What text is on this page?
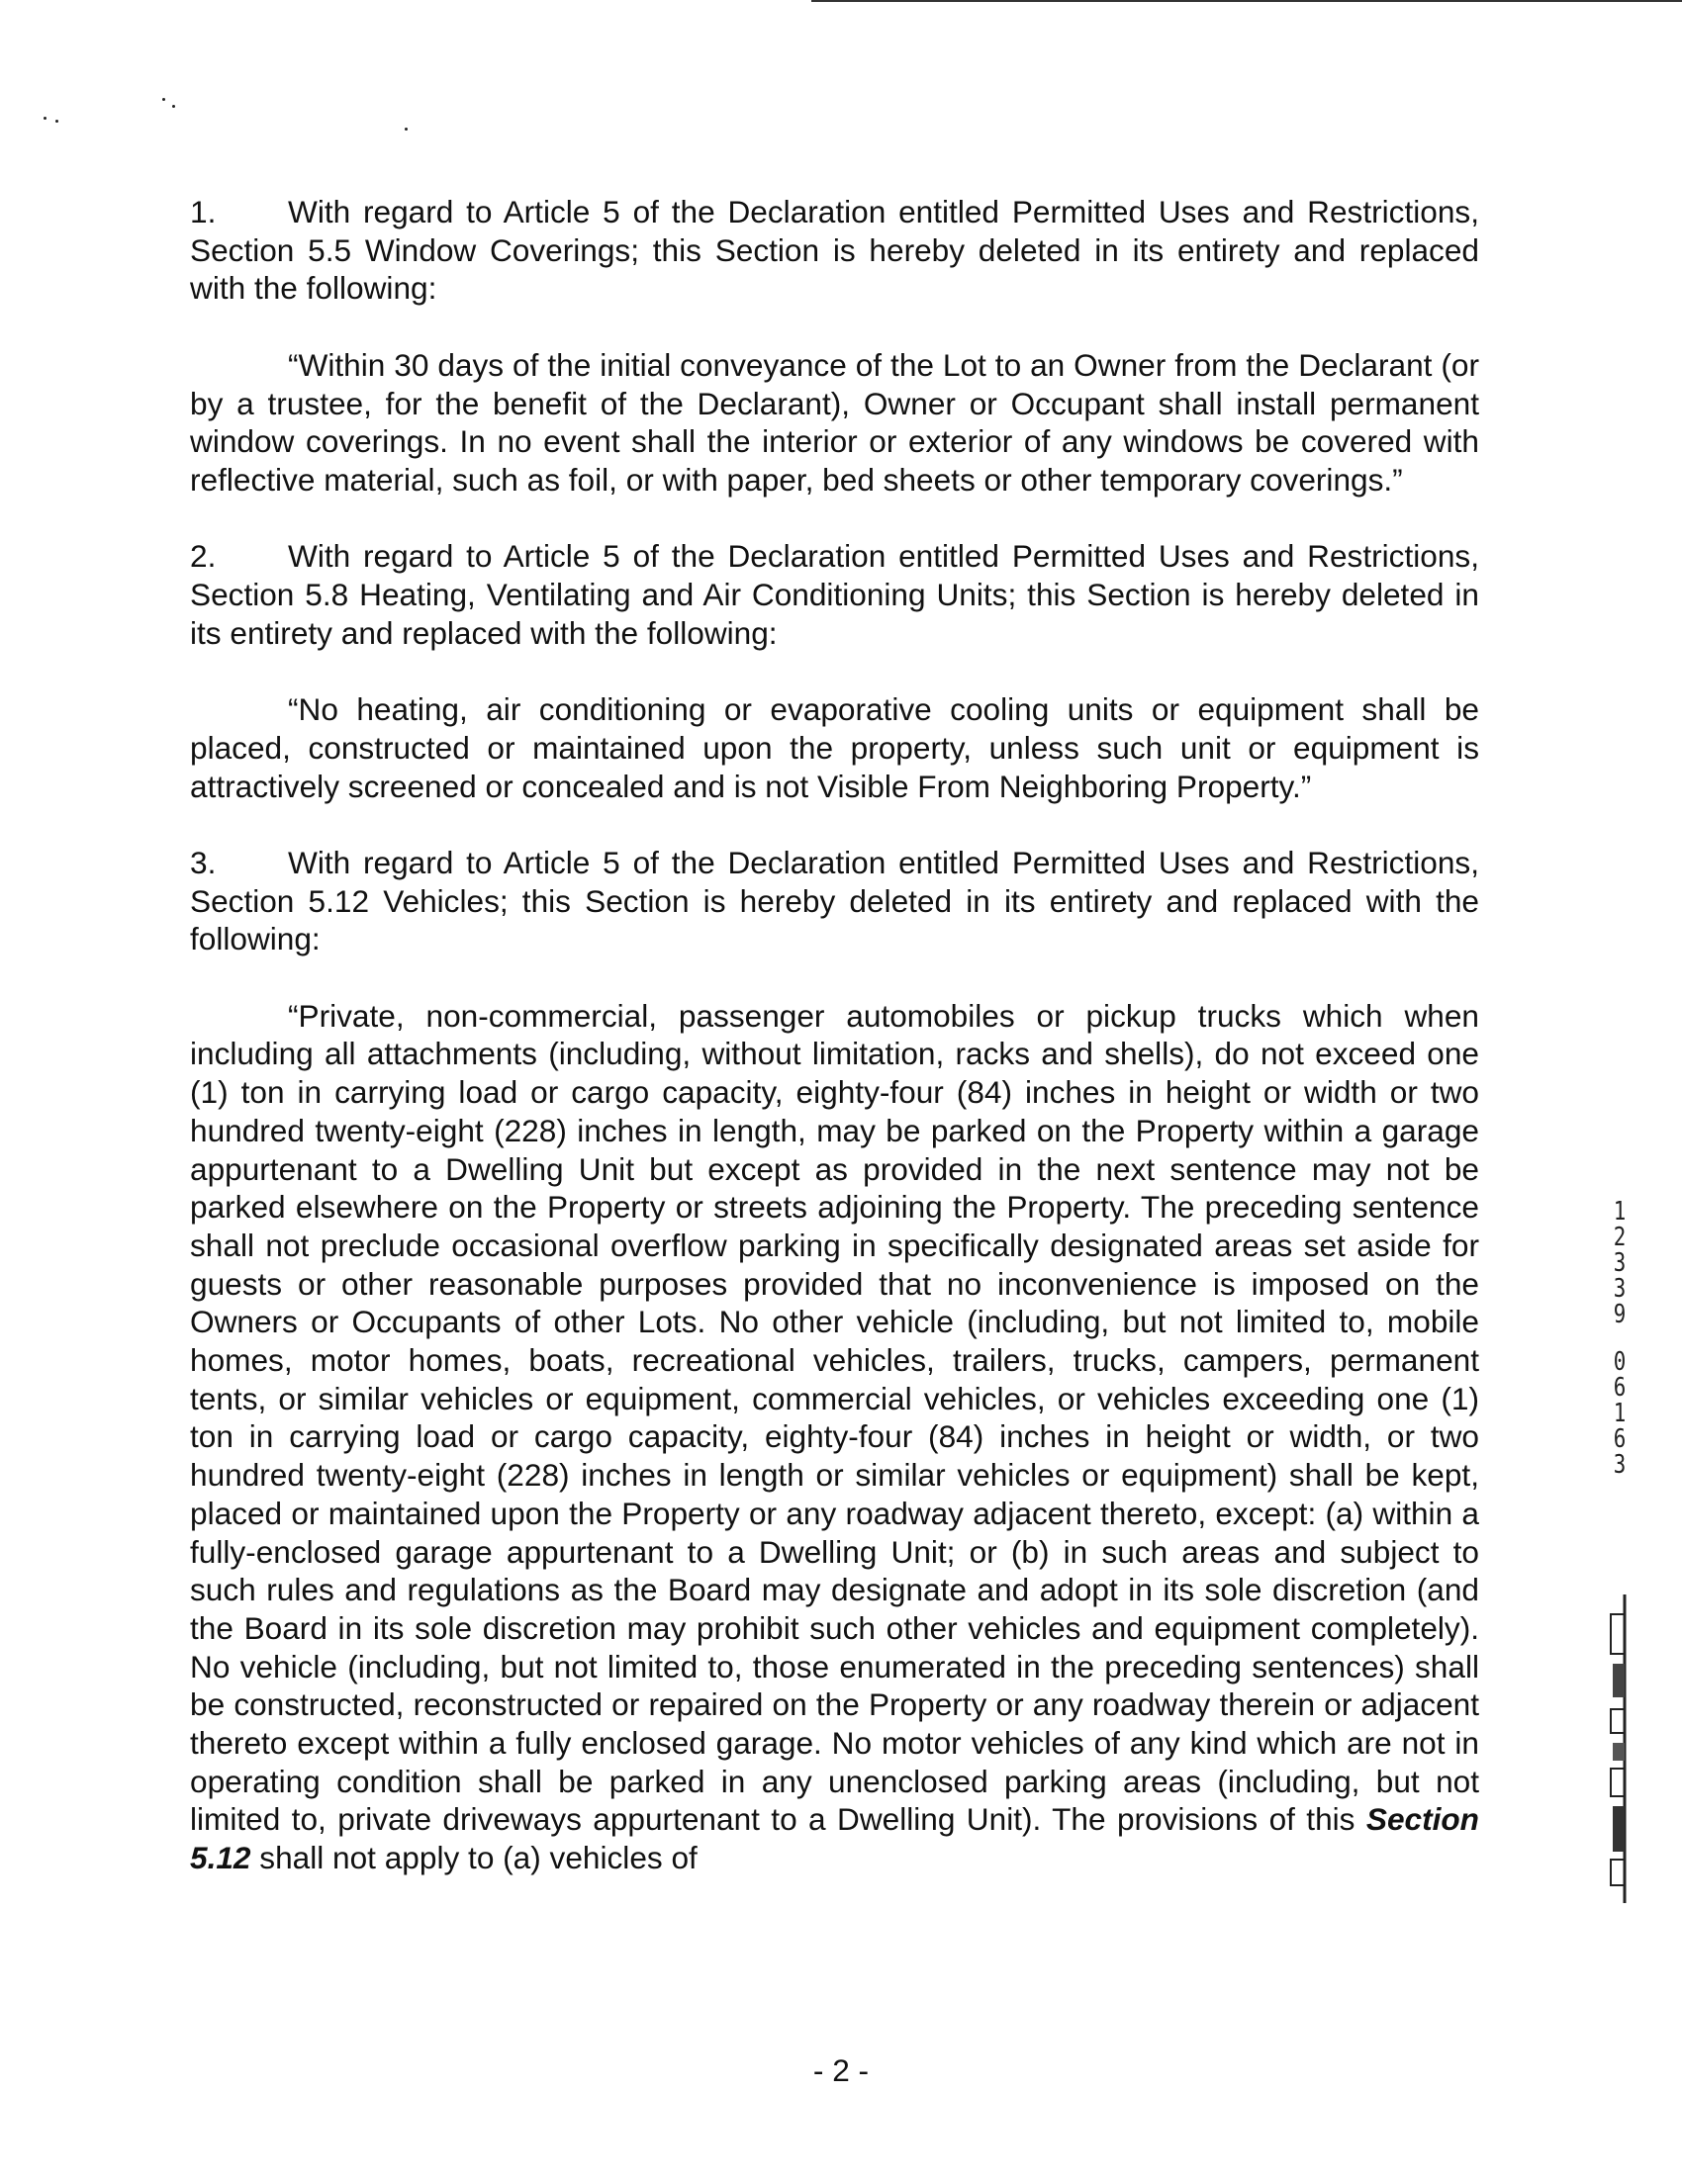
1. With regard to Article 5 of the Declaration entitled Permitted Uses and Restrictions, Section 5.5 Window Coverings; this Section is hereby deleted in its entirety and replaced with the following:

“Within 30 days of the initial conveyance of the Lot to an Owner from the Declarant (or by a trustee, for the benefit of the Declarant), Owner or Occupant shall install permanent window coverings. In no event shall the interior or exterior of any windows be covered with reflective material, such as foil, or with paper, bed sheets or other temporary coverings.”

2. With regard to Article 5 of the Declaration entitled Permitted Uses and Restrictions, Section 5.8 Heating, Ventilating and Air Conditioning Units; this Section is hereby deleted in its entirety and replaced with the following:

“No heating, air conditioning or evaporative cooling units or equipment shall be placed, constructed or maintained upon the property, unless such unit or equipment is attractively screened or concealed and is not Visible From Neighboring Property.”

3. With regard to Article 5 of the Declaration entitled Permitted Uses and Restrictions, Section 5.12 Vehicles; this Section is hereby deleted in its entirety and replaced with the following:

“Private, non-commercial, passenger automobiles or pickup trucks which when including all attachments (including, without limitation, racks and shells), do not exceed one (1) ton in carrying load or cargo capacity, eighty-four (84) inches in height or width or two hundred twenty-eight (228) inches in length, may be parked on the Property within a garage appurtenant to a Dwelling Unit but except as provided in the next sentence may not be parked elsewhere on the Property or streets adjoining the Property. The preceding sentence shall not preclude occasional overflow parking in specifically designated areas set aside for guests or other reasonable purposes provided that no inconvenience is imposed on the Owners or Occupants of other Lots. No other vehicle (including, but not limited to, mobile homes, motor homes, boats, recreational vehicles, trailers, trucks, campers, permanent tents, or similar vehicles or equipment, commercial vehicles, or vehicles exceeding one (1) ton in carrying load or cargo capacity, eighty-four (84) inches in height or width, or two hundred twenty-eight (228) inches in length or similar vehicles or equipment) shall be kept, placed or maintained upon the Property or any roadway adjacent thereto, except: (a) within a fully-enclosed garage appurtenant to a Dwelling Unit; or (b) in such areas and subject to such rules and regulations as the Board may designate and adopt in its sole discretion (and the Board in its sole discretion may prohibit such other vehicles and equipment completely). No vehicle (including, but not limited to, those enumerated in the preceding sentences) shall be constructed, reconstructed or repaired on the Property or any roadway therein or adjacent thereto except within a fully enclosed garage. No motor vehicles of any kind which are not in operating condition shall be parked in any unenclosed parking areas (including, but not limited to, private driveways appurtenant to a Dwelling Unit). The provisions of this Section 5.12 shall not apply to (a) vehicles of

- 2 -
1
2
3
3
9
0
6
1
6
3
